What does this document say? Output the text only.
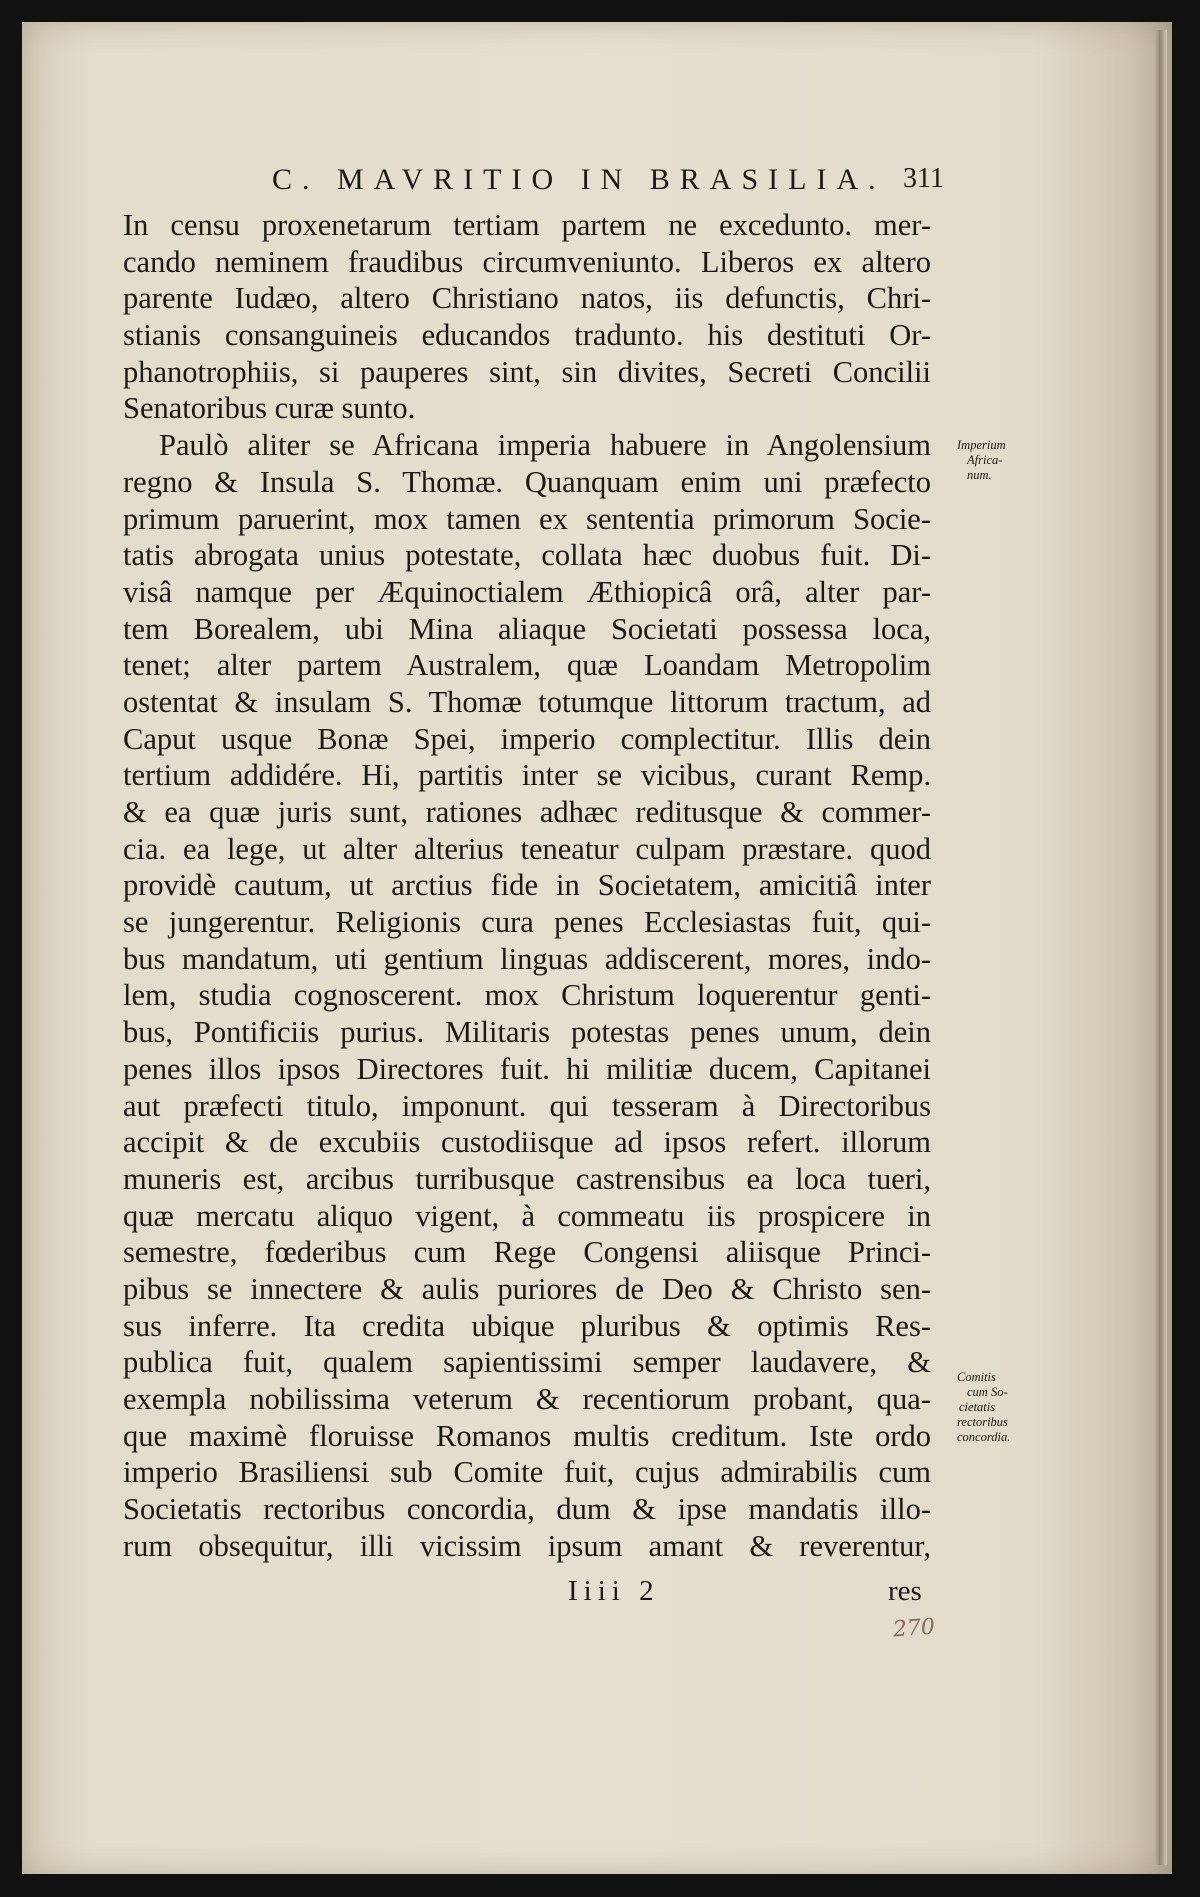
C. MAVRITIO IN BRASILIA. 311
In censu proxenetarum tertiam partem ne excedunto. mer-
cando neminem fraudibus circumveniunto. Liberos ex altero
parente Iudæo, altero Christiano natos, iis defunctis, Chri-
stianis consanguineis educandos tradunto. his destituti Or-
phanotrophiis, si pauperes sint, sin divites, Secreti Concilii
Senatoribus curæ sunto.
Paulò aliter se Africana imperia habuere in Angolensium
regno & Insula S. Thomæ. Quanquam enim uni præfecto
primum paruerint, mox tamen ex sententia primorum Socie-
tatis abrogata unius potestate, collata hæc duobus fuit. Di-
visâ namque per Æquinoctialem Æthiopicâ orâ, alter par-
tem Borealem, ubi Mina aliaque Societati possessa loca,
tenet; alter partem Australem, quæ Loandam Metropolim
ostentat & insulam S. Thomæ totumque littorum tractum, ad
Caput usque Bonæ Spei, imperio complectitur. Illis dein
tertium addidére. Hi, partitis inter se vicibus, curant Remp.
& ea quæ juris sunt, rationes adhæc reditusque & commer-
cia. ea lege, ut alter alterius teneatur culpam præstare. quod
providè cautum, ut arctius fide in Societatem, amicitiâ inter
se jungerentur. Religionis cura penes Ecclesiastas fuit, qui-
bus mandatum, uti gentium linguas addiscerent, mores, indo-
lem, studia cognoscerent. mox Christum loquerentur genti-
bus, Pontificiis purius. Militaris potestas penes unum, dein
penes illos ipsos Directores fuit. hi militiæ ducem, Capitanei
aut præfecti titulo, imponunt. qui tesseram à Directoribus
accipit & de excubiis custodiisque ad ipsos refert. illorum
muneris est, arcibus turribusque castrensibus ea loca tueri,
quæ mercatu aliquo vigent, à commeatu iis prospicere in
semestre, fœderibus cum Rege Congensi aliisque Princi-
pibus se innectere & aulis puriores de Deo & Christo sen-
sus inferre. Ita credita ubique pluribus & optimis Res-
publica fuit, qualem sapientissimi semper laudavere, &
exempla nobilissima veterum & recentiorum probant, qua-
que maximè floruisse Romanos multis creditum. Iste ordo
imperio Brasiliensi sub Comite fuit, cujus admirabilis cum
Societatis rectoribus concordia, dum & ipse mandatis illo-
rum obsequitur, illi vicissim ipsum amant & reverentur,
Imperium
Africa-
num.
Comitis
cum So-
cietatis
rectoribus
concordia.
Iiii 2	res
270
